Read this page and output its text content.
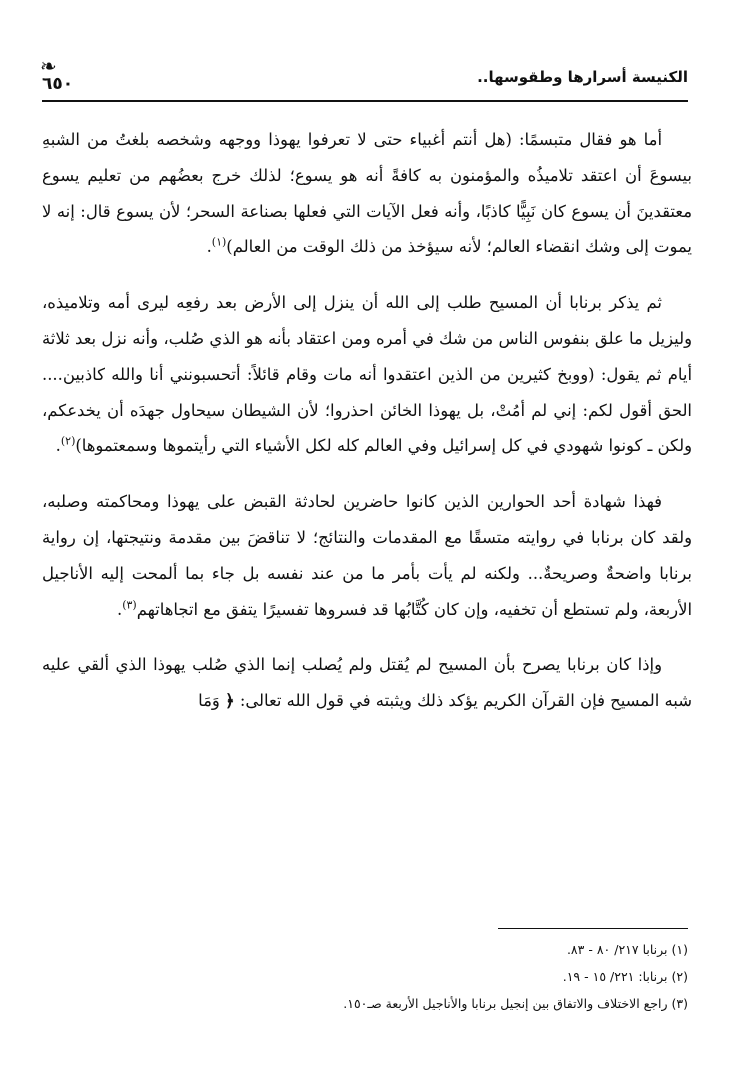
الكنيسة أسرارها وطقوسها..
❧
٦٥٠

أما هو فقال متبسمًا: (هل أنتم أغبياء حتى لا تعرفوا يهوذا ووجهه وشخصه بلغتُ من الشبهِ بيسوعَ أن اعتقد تلاميذُه والمؤمنون به كافةً أنه هو يسوع؛ لذلك خرج بعضُهم من تعليم يسوع معتقدينَ أن يسوع كان نَبِيًّا كاذبًا، وأنه فعل الآيات التي فعلها بصناعة السحر؛ لأن يسوع قال: إنه لا يموت إلى وشك انقضاء العالم؛ لأنه سيؤخذ من ذلك الوقت من العالم)$^{(١)}$.

ثم يذكر برنابا أن المسيح طلب إلى الله أن ينزل إلى الأرض بعد رفعِه ليرى أمه وتلاميذه، وليزيل ما علق بنفوس الناس من شك في أمره ومن اعتقاد بأنه هو الذي صُلب، وأنه نزل بعد ثلاثة أيام ثم يقول: (ووبخ كثيرين من الذين اعتقدوا أنه مات وقام قائلاً: أتحسبونني أنا والله كاذبين.... الحق أقول لكم: إني لم أمُتْ، بل يهوذا الخائن احذروا؛ لأن الشيطان سيحاول جهدَه أن يخدعكم، ولكن ـ كونوا شهودي في كل إسرائيل وفي العالم كله لكل الأشياء التي رأيتموها وسمعتموها)$^{(٢)}$.

فهذا شهادة أحد الحوارين الذين كانوا حاضرين لحادثة القبض على يهوذا ومحاكمته وصلبه، ولقد كان برنابا في روايته متسقًا مع المقدمات والنتائج؛ لا تناقضَ بين مقدمة ونتيجتها، إن رواية برنابا واضحةٌ وصريحةٌ... ولكنه لم يأت بأمر ما من عند نفسه بل جاء بما ألمحت إليه الأناجيل الأربعة، ولم تستطع أن تخفيه، وإن كان كُتَّابُها قد فسروها تفسيرًا يتفق مع اتجاهاتهم$^{(٣)}$.

وإذا كان برنابا يصرح بأن المسيح لم يُقتل ولم يُصلب إنما الذي صُلب يهوذا الذي ألقي عليه شبه المسيح فإن القرآن الكريم يؤكد ذلك ويثبته في قول الله تعالى: ﴿ وَمَا

(١) برنابا ٢١٧/ ٨٠ - ٨٣.
(٢) برنابا: ٢٢١/ ١٥ - ١٩.
(٣) راجع الاختلاف والاتفاق بين إنجيل برنابا والأناجيل الأربعة صـ١٥٠.
